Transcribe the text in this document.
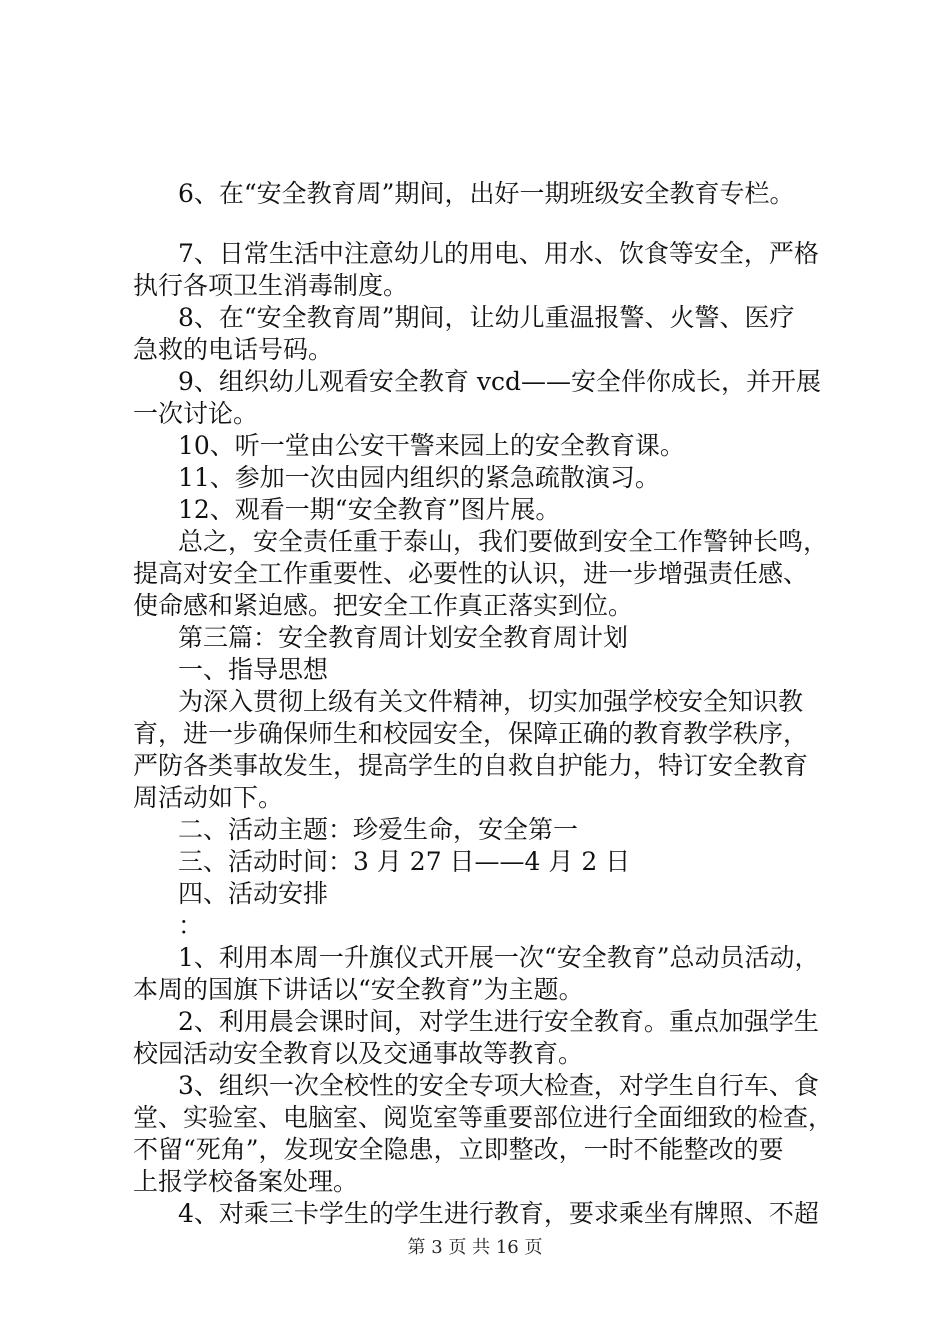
6、在“安全教育周”期间，出好一期班级安全教育专栏。
7、日常生活中注意幼儿的用电、用水、饮食等安全，严格
执行各项卫生消毒制度。
8、在“安全教育周”期间，让幼儿重温报警、火警、医疗
急救的电话号码。
9、组织幼儿观看安全教育 vcd——安全伴你成长，并开展
一次讨论。
10、听一堂由公安干警来园上的安全教育课。
11、参加一次由园内组织的紧急疏散演习。
12、观看一期“安全教育”图片展。
总之，安全责任重于泰山，我们要做到安全工作警钟长鸣，
提高对安全工作重要性、必要性的认识，进一步增强责任感、
使命感和紧迫感。把安全工作真正落实到位。
第三篇：安全教育周计划安全教育周计划
一、指导思想
为深入贯彻上级有关文件精神，切实加强学校安全知识教
育，进一步确保师生和校园安全，保障正确的教育教学秩序，
严防各类事故发生，提高学生的自救自护能力，特订安全教育
周活动如下。
二、活动主题：珍爱生命，安全第一
三、活动时间：3 月 27 日——4 月 2 日
四、活动安排
：
1、利用本周一升旗仪式开展一次“安全教育”总动员活动，
本周的国旗下讲话以“安全教育”为主题。
2、利用晨会课时间，对学生进行安全教育。重点加强学生
校园活动安全教育以及交通事故等教育。
3、组织一次全校性的安全专项大检查，对学生自行车、食
堂、实验室、电脑室、阅览室等重要部位进行全面细致的检查，
不留“死角”，发现安全隐患，立即整改，一时不能整改的要
上报学校备案处理。
4、对乘三卡学生的学生进行教育，要求乘坐有牌照、不超
第 3 页 共 16 页
